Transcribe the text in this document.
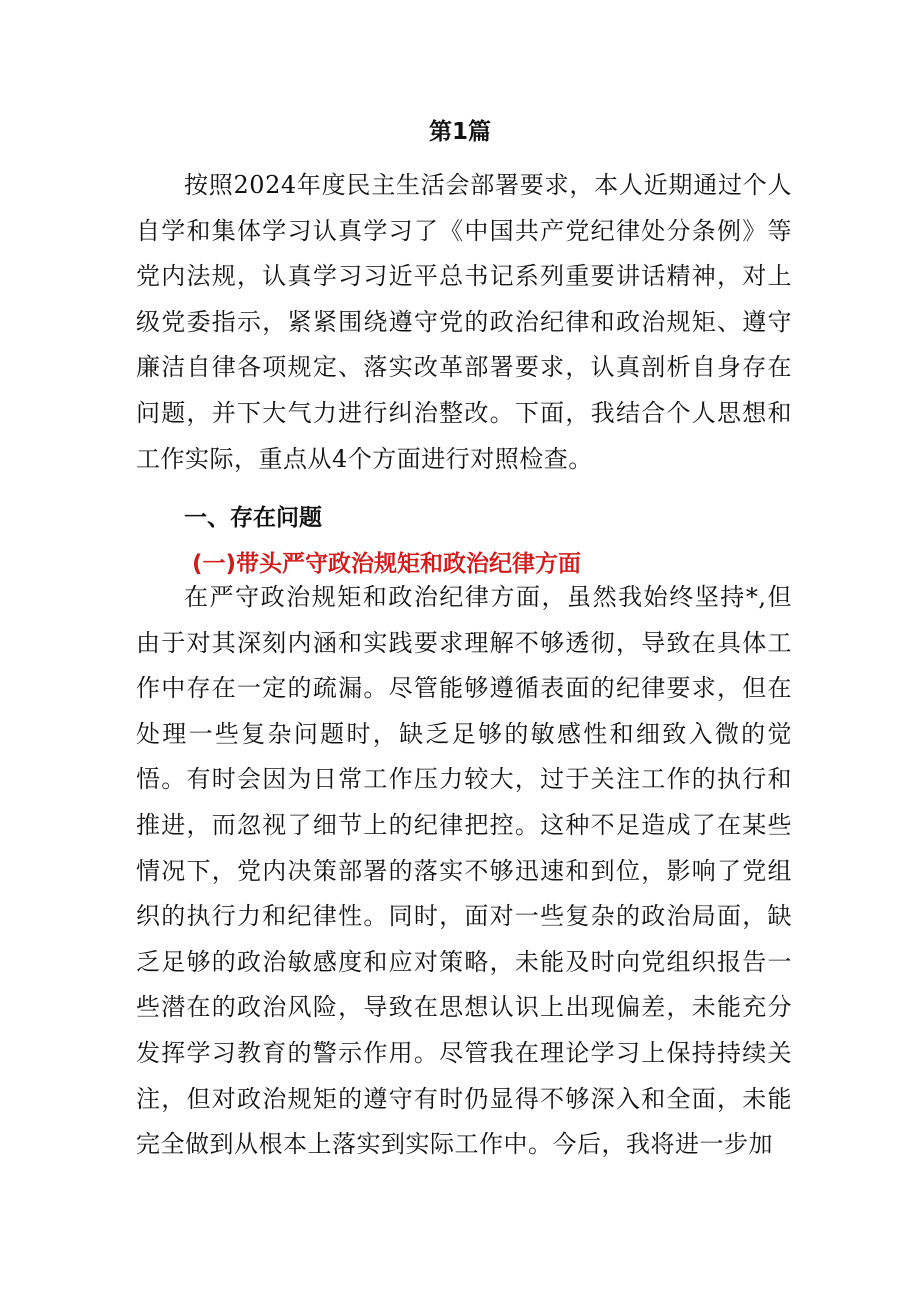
第1篇

按照2024年度民主生活会部署要求，本人近期通过个人自学和集体学习认真学习了《中国共产党纪律处分条例》等党内法规，认真学习习近平总书记系列重要讲话精神，对上级党委指示，紧紧围绕遵守党的政治纪律和政治规矩、遵守廉洁自律各项规定、落实改革部署要求，认真剖析自身存在问题，并下大气力进行纠治整改。下面，我结合个人思想和工作实际，重点从4个方面进行对照检查。

一、存在问题
(一)带头严守政治规矩和政治纪律方面

在严守政治规矩和政治纪律方面，虽然我始终坚持*,但由于对其深刻内涵和实践要求理解不够透彻，导致在具体工作中存在一定的疏漏。尽管能够遵循表面的纪律要求，但在处理一些复杂问题时，缺乏足够的敏感性和细致入微的觉悟。有时会因为日常工作压力较大，过于关注工作的执行和推进，而忽视了细节上的纪律把控。这种不足造成了在某些情况下，党内决策部署的落实不够迅速和到位，影响了党组织的执行力和纪律性。同时，面对一些复杂的政治局面，缺乏足够的政治敏感度和应对策略，未能及时向党组织报告一些潜在的政治风险，导致在思想认识上出现偏差，未能充分发挥学习教育的警示作用。尽管我在理论学习上保持持续关注，但对政治规矩的遵守有时仍显得不够深入和全面，未能完全做到从根本上落实到实际工作中。今后，我将进一步加
